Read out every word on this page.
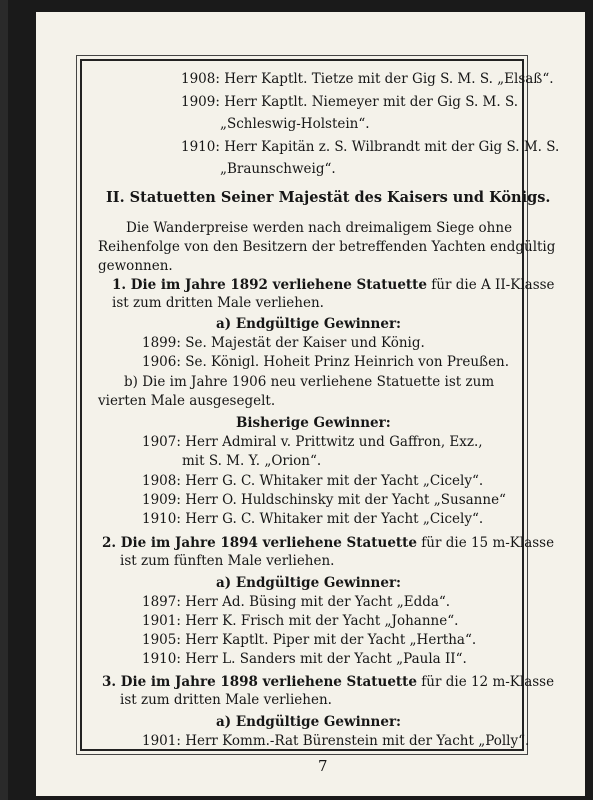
1908: Herr Kaptlt. Tietze mit der Gig S. M. S. „Elsaß“.
1909: Herr Kaptlt. Niemeyer mit der Gig S. M. S.
„Schleswig-Holstein“.
1910: Herr Kapitän z. S. Wilbrandt mit der Gig S. M. S.
„Braunschweig“.
II. Statuetten Seiner Majestät des Kaisers und Königs.
Die Wanderpreise werden nach dreimaligem Siege ohne
Reihenfolge von den Besitzern der betreffenden Yachten endgültig
gewonnen.
1. Die im Jahre 1892 verliehene Statuette für die A II-Klasse
ist zum dritten Male verliehen.
a) Endgültige Gewinner:
1899: Se. Majestät der Kaiser und König.
1906: Se. Königl. Hoheit Prinz Heinrich von Preußen.
b) Die im Jahre 1906 neu verliehene Statuette ist zum
vierten Male ausgesegelt.
Bisherige Gewinner:
1907: Herr Admiral v. Prittwitz und Gaffron, Exz.,
mit S. M. Y. „Orion“.
1908: Herr G. C. Whitaker mit der Yacht „Cicely“.
1909: Herr O. Huldschinsky mit der Yacht „Susanne“
1910: Herr G. C. Whitaker mit der Yacht „Cicely“.
2. Die im Jahre 1894 verliehene Statuette für die 15 m-Klasse
ist zum fünften Male verliehen.
a) Endgültige Gewinner:
1897: Herr Ad. Büsing mit der Yacht „Edda“.
1901: Herr K. Frisch mit der Yacht „Johanne“.
1905: Herr Kaptlt. Piper mit der Yacht „Hertha“.
1910: Herr L. Sanders mit der Yacht „Paula II“.
3. Die im Jahre 1898 verliehene Statuette für die 12 m-Klasse
ist zum dritten Male verliehen.
a) Endgültige Gewinner:
1901: Herr Komm.-Rat Bürenstein mit der Yacht „Polly“.
7
